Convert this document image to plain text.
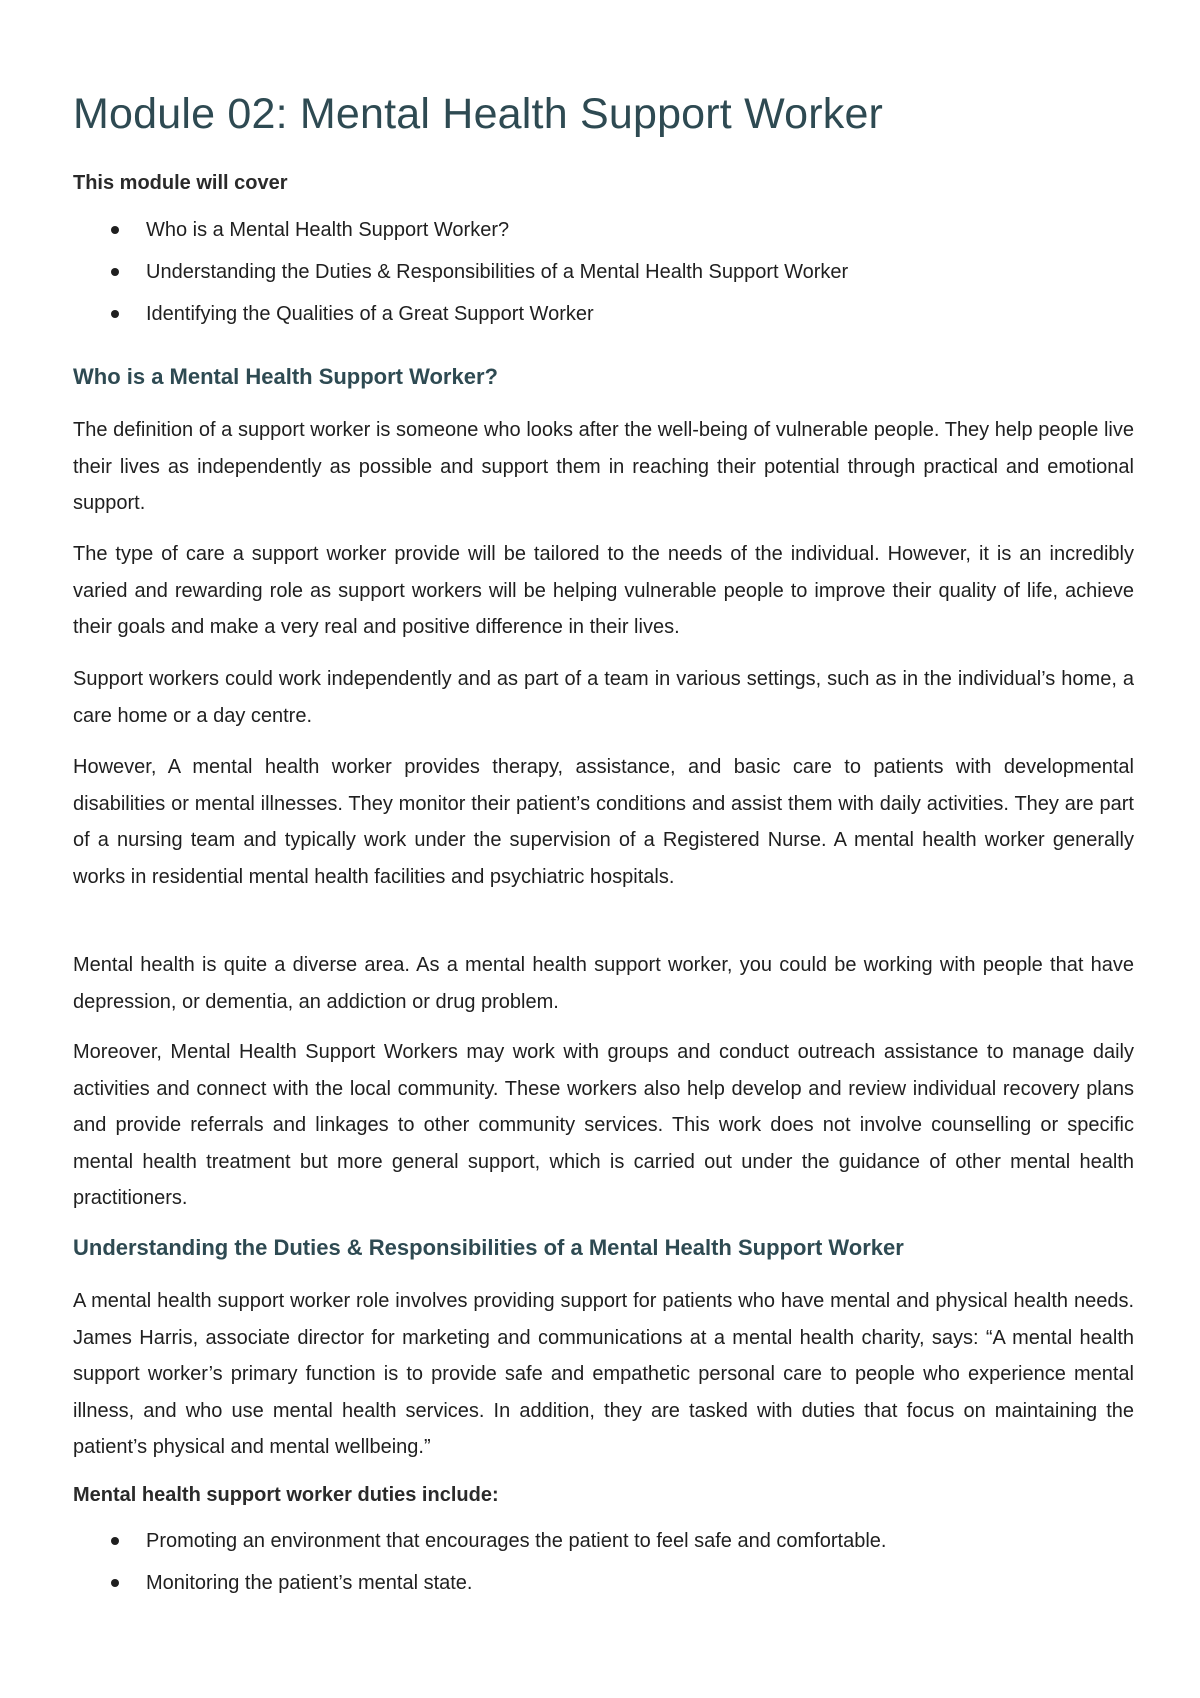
Module 02: Mental Health Support Worker

This module will cover

Who is a Mental Health Support Worker?
Understanding the Duties & Responsibilities of a Mental Health Support Worker
Identifying the Qualities of a Great Support Worker
Who is a Mental Health Support Worker?

The definition of a support worker is someone who looks after the well-being of vulnerable people. They help people live their lives as independently as possible and support them in reaching their potential through practical and emotional support.

The type of care a support worker provide will be tailored to the needs of the individual. However, it is an incredibly varied and rewarding role as support workers will be helping vulnerable people to improve their quality of life, achieve their goals and make a very real and positive difference in their lives.

Support workers could work independently and as part of a team in various settings, such as in the individual’s home, a care home or a day centre.

However, A mental health worker provides therapy, assistance, and basic care to patients with developmental disabilities or mental illnesses. They monitor their patient’s conditions and assist them with daily activities. They are part of a nursing team and typically work under the supervision of a Registered Nurse. A mental health worker generally works in residential mental health facilities and psychiatric hospitals.

Mental health is quite a diverse area. As a mental health support worker, you could be working with people that have depression, or dementia, an addiction or drug problem.

Moreover, Mental Health Support Workers may work with groups and conduct outreach assistance to manage daily activities and connect with the local community. These workers also help develop and review individual recovery plans and provide referrals and linkages to other community services. This work does not involve counselling or specific mental health treatment but more general support, which is carried out under the guidance of other mental health practitioners.

Understanding the Duties & Responsibilities of a Mental Health Support Worker

A mental health support worker role involves providing support for patients who have mental and physical health needs. James Harris, associate director for marketing and communications at a mental health charity, says: “A mental health support worker’s primary function is to provide safe and empathetic personal care to people who experience mental illness, and who use mental health services. In addition, they are tasked with duties that focus on maintaining the patient’s physical and mental wellbeing.”

Mental health support worker duties include:

Promoting an environment that encourages the patient to feel safe and comfortable.
Monitoring the patient’s mental state.
